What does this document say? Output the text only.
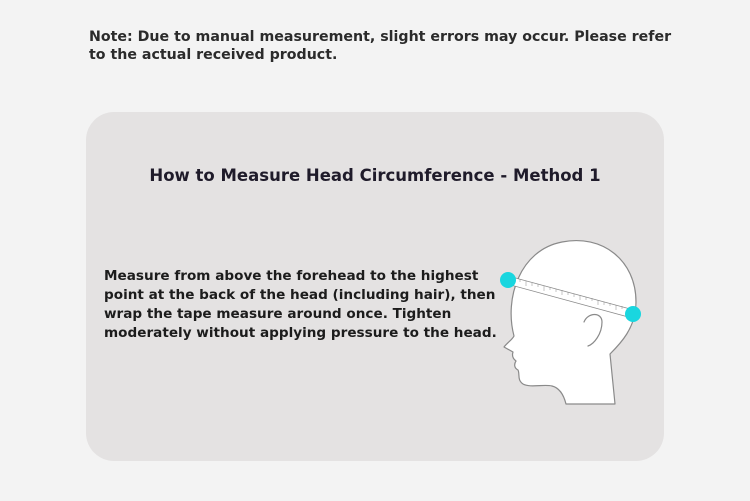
Note: Due to manual measurement, slight errors may occur. Please refer to the actual received product.

How to Measure Head Circumference - Method 1

Measure from above the forehead to the highest point at the back of the head (including hair), then wrap the tape measure around once. Tighten moderately without applying pressure to the head.
